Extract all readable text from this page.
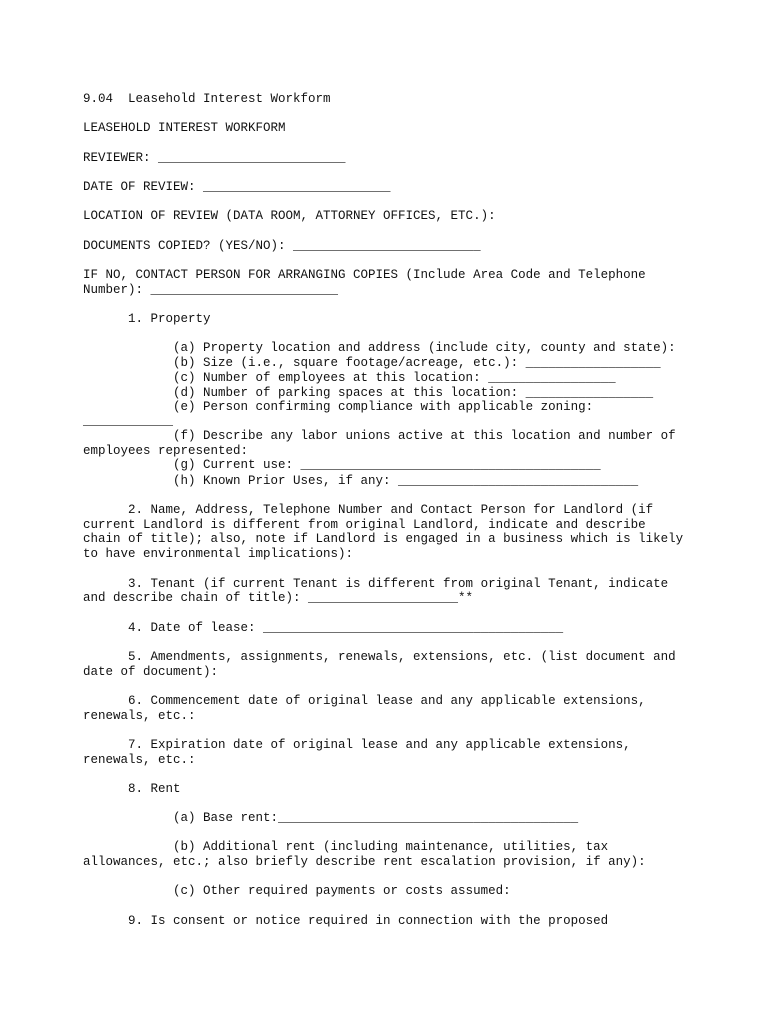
9.04  Leasehold Interest Workform
LEASEHOLD INTEREST WORKFORM
REVIEWER: _________________________
DATE OF REVIEW: _________________________
LOCATION OF REVIEW (DATA ROOM, ATTORNEY OFFICES, ETC.):
DOCUMENTS COPIED? (YES/NO): _________________________
IF NO, CONTACT PERSON FOR ARRANGING COPIES (Include Area Code and Telephone
Number): _________________________
1. Property
(a) Property location and address (include city, county and state):
(b) Size (i.e., square footage/acreage, etc.): __________________
(c) Number of employees at this location: _________________
(d) Number of parking spaces at this location: _________________
(e) Person confirming compliance with applicable zoning:
____________
(f) Describe any labor unions active at this location and number of
employees represented:
(g) Current use: ________________________________________
(h) Known Prior Uses, if any: ________________________________
2. Name, Address, Telephone Number and Contact Person for Landlord (if
current Landlord is different from original Landlord, indicate and describe
chain of title); also, note if Landlord is engaged in a business which is likely
to have environmental implications):
3. Tenant (if current Tenant is different from original Tenant, indicate
and describe chain of title): ____________________**
4. Date of lease: ________________________________________
5. Amendments, assignments, renewals, extensions, etc. (list document and
date of document):
6. Commencement date of original lease and any applicable extensions,
renewals, etc.:
7. Expiration date of original lease and any applicable extensions,
renewals, etc.:
8. Rent
(a) Base rent:________________________________________
(b) Additional rent (including maintenance, utilities, tax
allowances, etc.; also briefly describe rent escalation provision, if any):
(c) Other required payments or costs assumed:
9. Is consent or notice required in connection with the proposed
